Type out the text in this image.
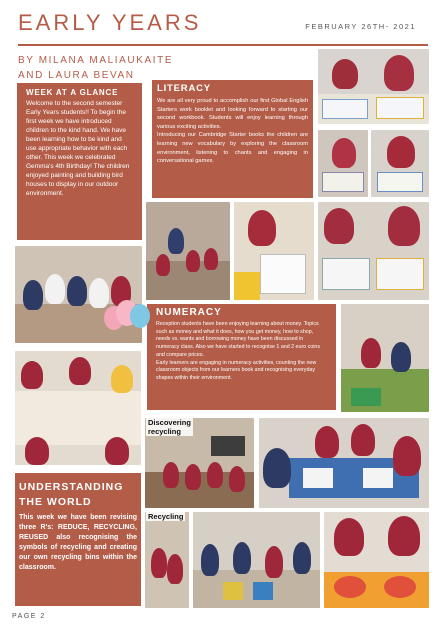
EARLY YEARS	FEBRUARY 26TH- 2021
BY MILANA MALIAUKAITE
AND LAURA BEVAN
WEEK AT A GLANCE

Welcome to the second semester Early Years students!! To begin the first week we have introduced children to the kind hand. We have been learning how to be kind and use appropriate behavior with each other. This week we celebrated Gemma's 4th Birthday! The children enjoyed painting and building bird houses to display in our outdoor environment.

LITERACY

We are all very proud to accomplish our first Global English Starters work booklet and looking forward to starting our second workbook. Students will enjoy learning through various exciting activities.
Introducing our Cambridge Starter books the children are learning new vocabulary by exploring the classroom environment, listening to chants and engaging in conversational games.

NUMERACY

Reception students have been enjoying learning about money. Topics such as money and what it does, how you get money, how to shop, needs vs. wants and borrowing money have been discussed in numeracy class. Also we have started to recognise 1 and 2 euro coins and compare prices.
Early learners are engaging in numeracy activities, counting the new classroom objects from our learners book and recognising everyday shapes within their environment.

UNDERSTANDING
THE WORLD

This week we have been revising three R's: REDUCE, RECYCLING, REUSED also recognising the symbols of recycling and creating our own recycling bins within the classroom.

Discovering
recycling
Recycling
PAGE 2
